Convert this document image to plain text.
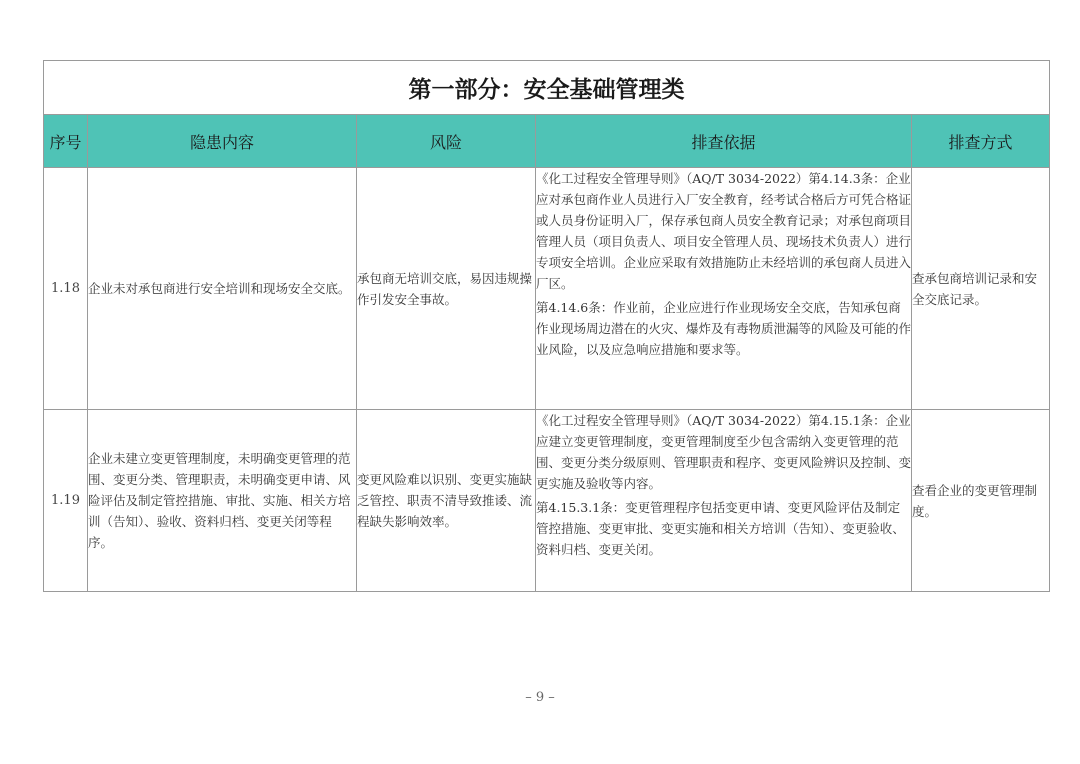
第一部分：安全基础管理类				
序号	隐患内容	风险	排查依据	排查方式
1.18	企业未对承包商进行安全培训和现场安全交底。	承包商无培训交底，易因违规操作引发安全事故。	《化工过程安全管理导则》（AQ/T 3034-2022）第4.14.3条：企业应对承包商作业人员进行入厂安全教育，经考试合格后方可凭合格证或人员身份证明入厂，保存承包商人员安全教育记录；对承包商项目管理人员（项目负责人、项目安全管理人员、现场技术负责人）进行专项安全培训。企业应采取有效措施防止未经培训的承包商人员进入厂区。

第4.14.6条：作业前，企业应进行作业现场安全交底，告知承包商作业现场周边潜在的火灾、爆炸及有毒物质泄漏等的风险及可能的作业风险，以及应急响应措施和要求等。	查承包商培训记录和安全交底记录。
1.19	企业未建立变更管理制度，未明确变更管理的范围、变更分类、管理职责，未明确变更申请、风险评估及制定管控措施、审批、实施、相关方培训（告知）、验收、资料归档、变更关闭等程序。	变更风险难以识别、变更实施缺乏管控、职责不清导致推诿、流程缺失影响效率。	《化工过程安全管理导则》（AQ/T 3034-2022）第4.15.1条：企业应建立变更管理制度，变更管理制度至少包含需纳入变更管理的范围、变更分类分级原则、管理职责和程序、变更风险辨识及控制、变更实施及验收等内容。

第4.15.3.1条：变更管理程序包括变更申请、变更风险评估及制定管控措施、变更审批、变更实施和相关方培训（告知）、变更验收、资料归档、变更关闭。	查看企业的变更管理制度。
– 9 –
